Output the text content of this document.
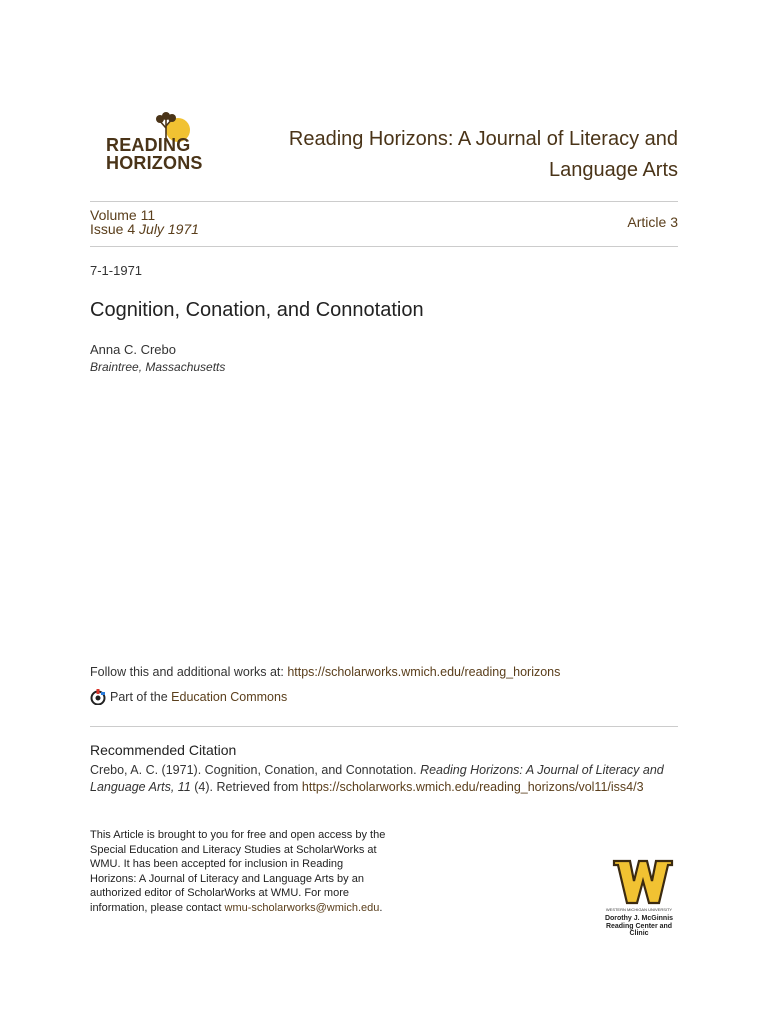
READING
HORIZONS
Reading Horizons: A Journal of Literacy and Language Arts
Volume 11
Issue 4 July 1971	Article 3
7-1-1971
Cognition, Conation, and Connotation
Anna C. Crebo
Braintree, Massachusetts
Follow this and additional works at: https://scholarworks.wmich.edu/reading_horizons
Part of the
Education Commons
Recommended Citation
Crebo, A. C. (1971). Cognition, Conation, and Connotation. Reading Horizons: A Journal of Literacy and Language Arts, 11 (4). Retrieved from https://scholarworks.wmich.edu/reading_horizons/vol11/iss4/3
This Article is brought to you for free and open access by the Special Education and Literacy Studies at ScholarWorks at WMU. It has been accepted for inclusion in Reading Horizons: A Journal of Literacy and Language Arts by an authorized editor of ScholarWorks at WMU. For more information, please contact wmu-scholarworks@wmich.edu.	WESTERN MICHIGAN UNIVERSITY
Dorothy J. McGinnis
Reading Center and Clinic
